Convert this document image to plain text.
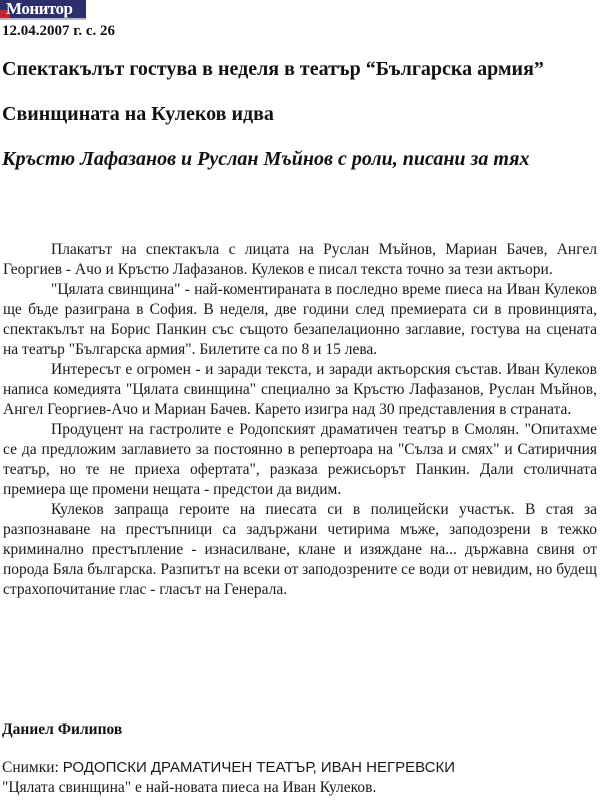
Монитор
12.04.2007 г. с. 26
Спектакълът гостува в неделя в театър “Българска армия”
Свинщината на Кулеков идва
Кръстю Лафазанов и Руслан Мъйнов с роли, писани за тях

Плакатът на спектакъла с лицата на Руслан Мъйнов, Мариан Бачев, Ангел Георгиев - Ачо и Кръстю Лафазанов. Кулеков е писал текста точно за тези актьори.

"Цялата свинщина" - най-коментираната в последно време пиеса на Иван Кулеков ще бъде разиграна в София. В неделя, две години след премиерата си в провинцията, спектакълът на Борис Панкин със същото безапелационно заглавие, гостува на сцената на театър "Българска армия". Билетите са по 8 и 15 лева.

Интересът е огромен - и заради текста, и заради актьорския състав. Иван Кулеков написа комедията "Цялата свинщина" специално за Кръстю Лафазанов, Руслан Мъйнов, Ангел Георгиев-Ачо и Мариан Бачев. Карето изигра над 30 представления в страната.

Продуцент на гастролите е Родопският драматичен театър в Смолян. "Опитахме се да предложим заглавието за постоянно в репертоара на "Сълза и смях" и Сатиричния театър, но те не приеха офертата", разказа режисьорът Панкин. Дали столичната премиера ще промени нещата - предстои да видим.

Кулеков запраща героите на пиесата си в полицейски участък. В стая за разпознаване на престъпници са задържани четирима мъже, заподозрени в тежко криминално престъпление - изнасилване, клане и изяждане на... държавна свиня от порода Бяла българска. Разпитът на всеки от заподозрените се води от невидим, но будещ страхопочитание глас - гласът на Генерала.

Даниел Филипов
Снимки: РОДОПСКИ ДРАМАТИЧЕН ТЕАТЪР, ИВАН НЕГРЕВСКИ
"Цялата свинщина" е най-новата пиеса на Иван Кулеков.
